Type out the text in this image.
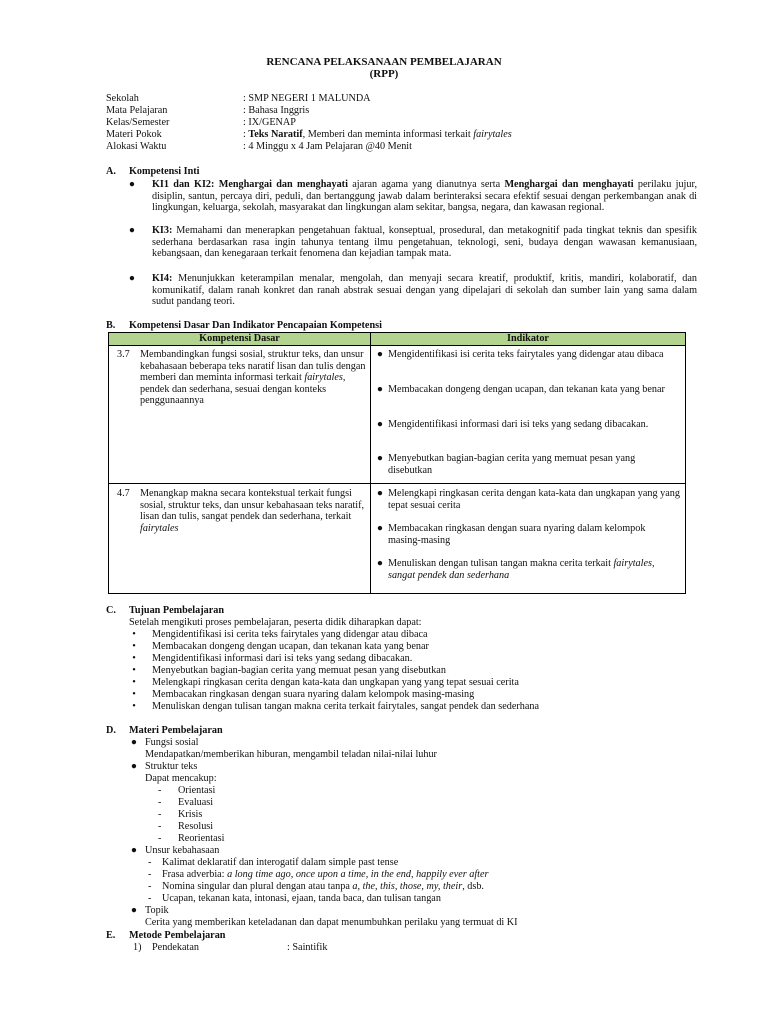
RENCANA PELAKSANAAN PEMBELAJARAN
(RPP)
Sekolah	: SMP NEGERI 1 MALUNDA
Mata Pelajaran	: Bahasa Inggris
Kelas/Semester	: IX/GENAP
Materi Pokok	: Teks Naratif, Memberi dan meminta informasi terkait fairytales
Alokasi Waktu	: 4 Minggu x 4 Jam Pelajaran @40 Menit
A. Kompetensi Inti
● KI1 dan KI2: Menghargai dan menghayati ajaran agama yang dianutnya serta Menghargai dan menghayati perilaku jujur, disiplin, santun, percaya diri, peduli, dan bertanggung jawab dalam berinteraksi secara efektif sesuai dengan perkembangan anak di lingkungan, keluarga, sekolah, masyarakat dan lingkungan alam sekitar, bangsa, negara, dan kawasan regional.
● KI3: Memahami dan menerapkan pengetahuan faktual, konseptual, prosedural, dan metakognitif pada tingkat teknis dan spesifik sederhana berdasarkan rasa ingin tahunya tentang ilmu pengetahuan, teknologi, seni, budaya dengan wawasan kemanusiaan, kebangsaan, dan kenegaraan terkait fenomena dan kejadian tampak mata.
● KI4: Menunjukkan keterampilan menalar, mengolah, dan menyaji secara kreatif, produktif, kritis, mandiri, kolaboratif, dan komunikatif, dalam ranah konkret dan ranah abstrak sesuai dengan yang dipelajari di sekolah dan sumber lain yang sama dalam sudut pandang teori.
B. Kompetensi Dasar Dan Indikator Pencapaian Kompetensi
Kompetensi Dasar	Indikator
3.7 Membandingkan fungsi sosial, struktur teks, dan unsur kebahasaan beberapa teks naratif lisan dan tulis dengan memberi dan meminta informasi terkait fairytales, pendek dan sederhana, sesuai dengan konteks penggunaannya
● Mengidentifikasi isi cerita teks fairytales yang didengar atau dibaca
● Membacakan dongeng dengan ucapan, dan tekanan kata yang benar
● Mengidentifikasi informasi dari isi teks yang sedang dibacakan.
● Menyebutkan bagian-bagian cerita yang memuat pesan yang disebutkan
4.7 Menangkap makna secara kontekstual terkait fungsi sosial, struktur teks, dan unsur kebahasaan teks naratif, lisan dan tulis, sangat pendek dan sederhana, terkait fairytales
● Melengkapi ringkasan cerita dengan kata-kata dan ungkapan yang yang tepat sesuai cerita
● Membacakan ringkasan dengan suara nyaring dalam kelompok masing-masing
● Menuliskan dengan tulisan tangan makna cerita terkait fairytales, sangat pendek dan sederhana
C. Tujuan Pembelajaran
Setelah mengikuti proses pembelajaran, peserta didik diharapkan dapat:
•	Mengidentifikasi isi cerita teks fairytales yang didengar atau dibaca
•	Membacakan dongeng dengan ucapan, dan tekanan kata yang benar
•	Mengidentifikasi informasi dari isi teks yang sedang dibacakan.
•	Menyebutkan bagian-bagian cerita yang memuat pesan yang disebutkan
•	Melengkapi ringkasan cerita dengan kata-kata dan ungkapan yang yang tepat sesuai cerita
•	Membacakan ringkasan dengan suara nyaring dalam kelompok masing-masing
•	Menuliskan dengan tulisan tangan makna cerita terkait fairytales, sangat pendek dan sederhana
D. Materi Pembelajaran
● Fungsi sosial
Mendapatkan/memberikan hiburan, mengambil teladan nilai-nilai luhur
● Struktur teks
Dapat mencakup:
- Orientasi
- Evaluasi
- Krisis
- Resolusi
- Reorientasi
● Unsur kebahasaan
- Kalimat deklaratif dan interogatif dalam simple past tense
- Frasa adverbia: a long time ago, once upon a time, in the end, happily ever after
- Nomina singular dan plural dengan atau tanpa a, the, this, those, my, their, dsb.
- Ucapan, tekanan kata, intonasi, ejaan, tanda baca, dan tulisan tangan
● Topik
Cerita yang memberikan keteladanan dan dapat menumbuhkan perilaku yang termuat di KI
E. Metode Pembelajaran
1) Pendekatan	: Saintifik
